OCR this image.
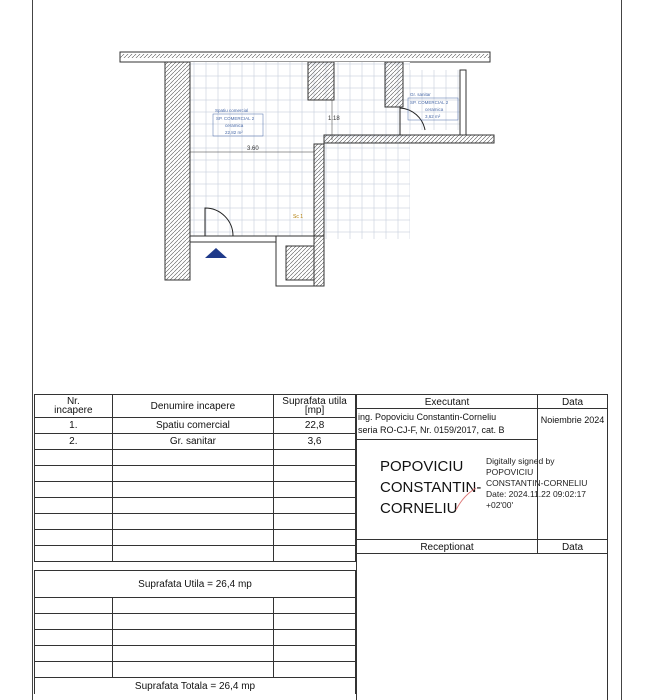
3.60
1.18
Spatiu comercial
SP. COMERCIAL 2
ceramica
22,82 m²
Gr. sanitar
SP. COMERCIAL 2
ceramica
3,62 m²
Sc 1
Nr.
incapere	Denumire incapere	Suprafata utila
[mp]
1.	Spatiu comercial	22,8
2.	Gr. sanitar	3,6

Suprafata Utila = 26,4 mp		

Suprafata Totala = 26,4 mp		
Executant	Data
ing. Popoviciu Constantin-Corneliu
seria RO-CJ-F, Nr. 0159/2017, cat. B
Noiembrie 2024
POPOVICIU
CONSTANTIN-
CORNELIU
Digitally signed by
POPOVICIU
CONSTANTIN-CORNELIU
Date: 2024.11.22 09:02:17
+02'00'
Receptionat	Data
